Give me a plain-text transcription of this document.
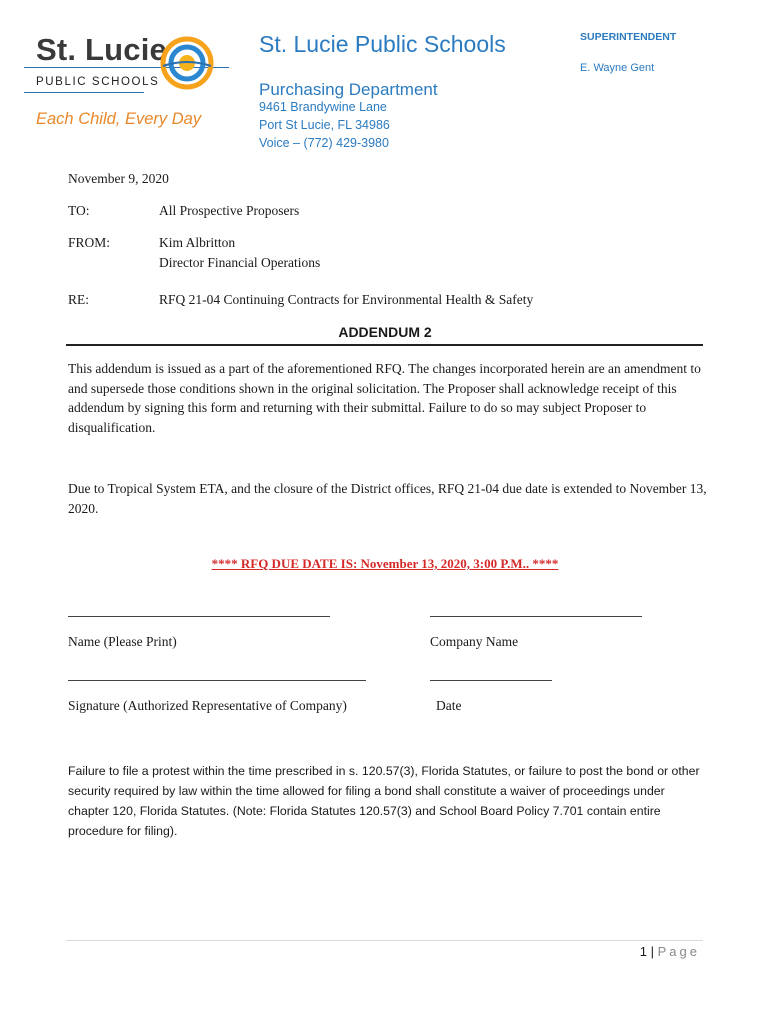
St. Lucie
PUBLIC SCHOOLS
Each Child, Every Day
St. Lucie Public Schools
Purchasing Department
9461 Brandywine Lane
Port St Lucie, FL 34986
Voice – (772) 429-3980
SUPERINTENDENT
E. Wayne Gent
November 9, 2020
TO:	All Prospective Proposers
FROM:	Kim Albritton
Director Financial Operations
RE:	RFQ 21-04 Continuing Contracts for Environmental Health & Safety
ADDENDUM 2
This addendum is issued as a part of the aforementioned RFQ. The changes incorporated herein are an amendment to and supersede those conditions shown in the original solicitation. The Proposer shall acknowledge receipt of this addendum by signing this form and returning with their submittal. Failure to do so may subject Proposer to disqualification.
Due to Tropical System ETA, and the closure of the District offices, RFQ 21-04 due date is extended to November 13, 2020.
**** RFQ DUE DATE IS: November 13, 2020, 3:00 P.M.. ****
Name (Please Print)	Company Name
Signature (Authorized Representative of Company)	Date
Failure to file a protest within the time prescribed in s. 120.57(3), Florida Statutes, or failure to post the bond or other security required by law within the time allowed for filing a bond shall constitute a waiver of proceedings under chapter 120, Florida Statutes. (Note: Florida Statutes 120.57(3) and School Board Policy 7.701 contain entire procedure for filing).
1 | Page
